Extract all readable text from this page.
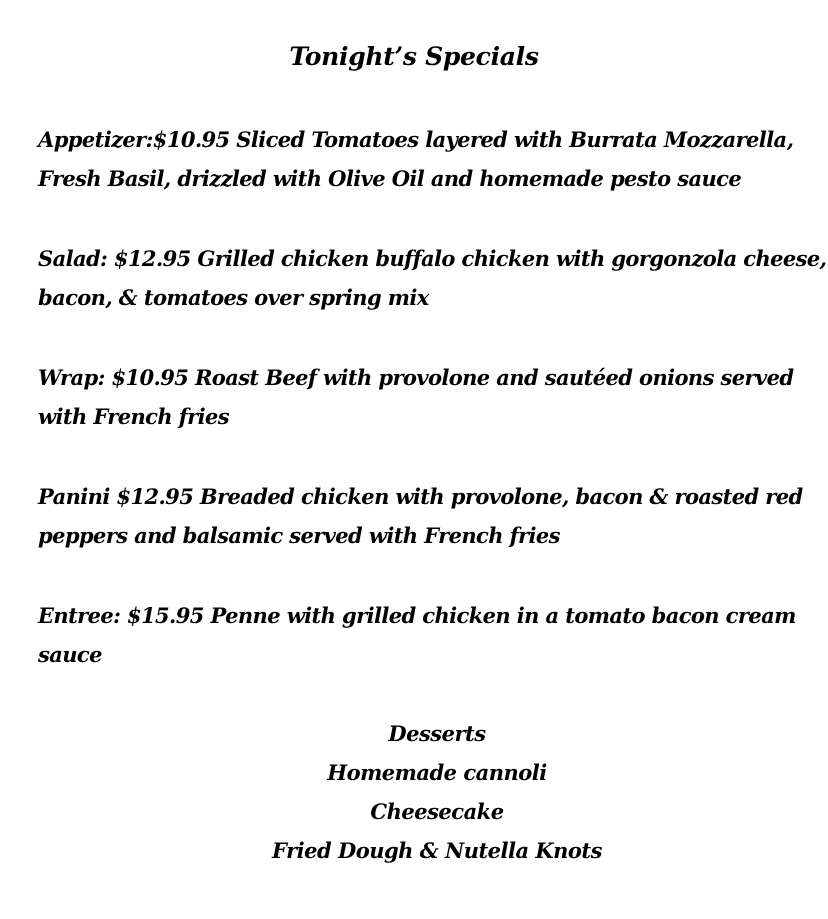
Tonight’s Specials
Appetizer:$10.95 Sliced Tomatoes layered with Burrata Mozzarella,
Fresh Basil, drizzled with Olive Oil and homemade pesto sauce
Salad: $12.95 Grilled chicken buffalo chicken with gorgonzola cheese,
bacon, & tomatoes over spring mix
Wrap: $10.95 Roast Beef with provolone and sautéed onions served
with French fries
Panini $12.95 Breaded chicken with provolone, bacon & roasted red
peppers and balsamic served with French fries
Entree: $15.95 Penne with grilled chicken in a tomato bacon cream
sauce
Desserts
Homemade cannoli
Cheesecake
Fried Dough & Nutella Knots
